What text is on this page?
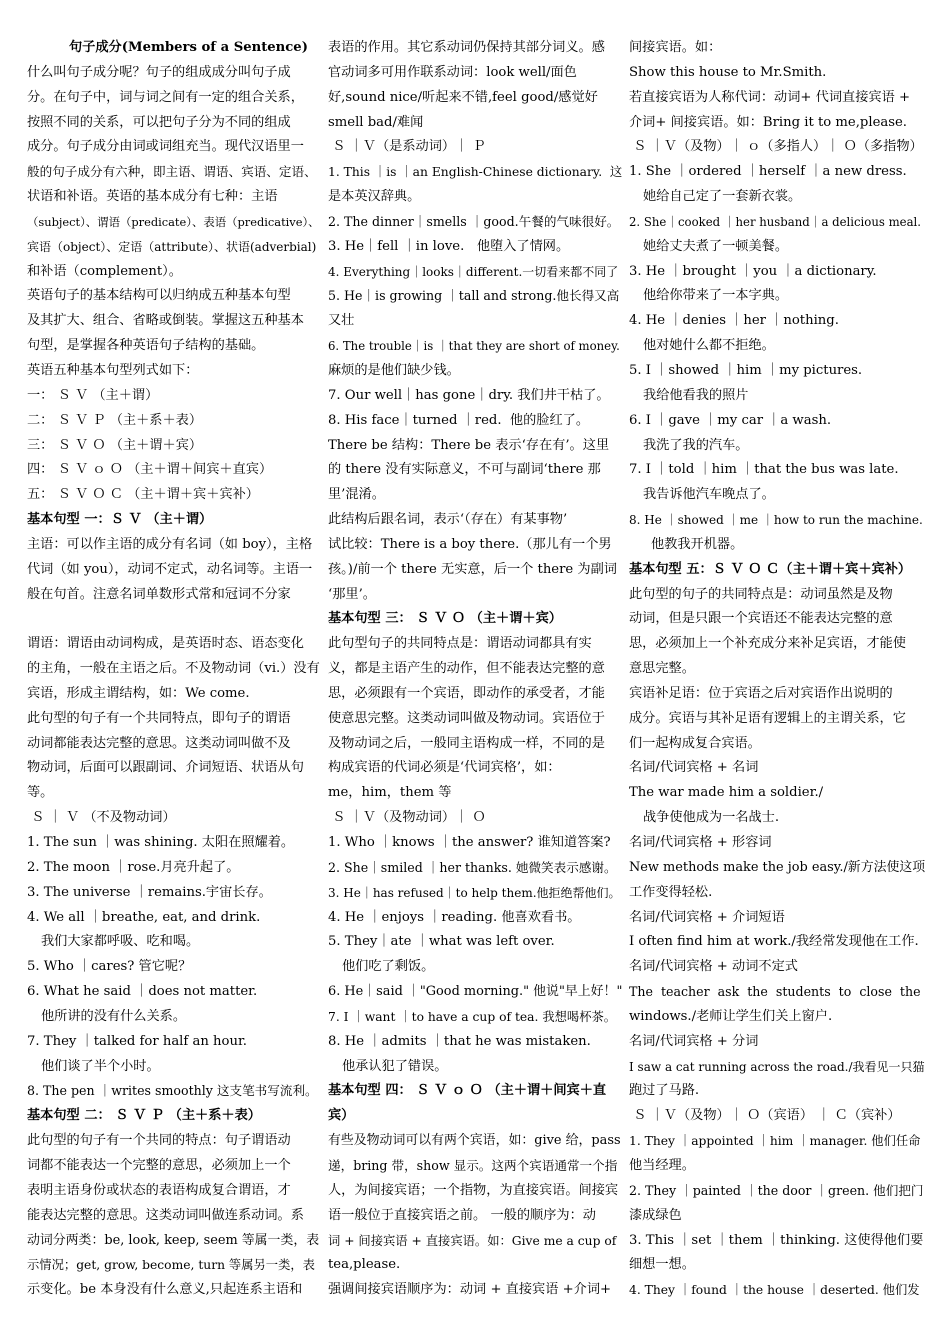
句子成分(Members of a Sentence)
什么叫句子成分呢？句子的组成成分叫句子成
分。在句子中，词与词之间有一定的组合关系，
按照不同的关系，可以把句子分为不同的组成
成分。句子成分由词或词组充当。现代汉语里一
般的句子成分有六种，即主语、谓语、宾语、定语、
状语和补语。英语的基本成分有七种：主语
（subject）、谓语（predicate）、表语（predicative）、
宾语（object）、定语（attribute）、状语(adverbial)
和补语（complement）。
英语句子的基本结构可以归纳成五种基本句型
及其扩大、组合、省略或倒装。掌握这五种基本
句型，是掌握各种英语句子结构的基础。
英语五种基本句型列式如下：
一： Ｓ Ｖ （主＋谓）
二： Ｓ Ｖ Ｐ （主＋系＋表）
三： Ｓ Ｖ Ｏ （主＋谓＋宾）
四： Ｓ Ｖ ｏ Ｏ （主＋谓＋间宾＋直宾）
五： Ｓ Ｖ Ｏ Ｃ （主＋谓＋宾＋宾补）
基本句型 一：Ｓ Ｖ （主＋谓）
主语：可以作主语的成分有名词（如 boy），主格
代词（如 you），动词不定式，动名词等。主语一
般在句首。注意名词单数形式常和冠词不分家
谓语：谓语由动词构成，是英语时态、语态变化
的主角，一般在主语之后。不及物动词（vi.）没有
宾语，形成主谓结构，如：We come.
此句型的句子有一个共同特点，即句子的谓语
动词都能表达完整的意思。这类动词叫做不及
物动词，后面可以跟副词、介词短语、状语从句
等。
Ｓ ｜ Ｖ （不及物动词）
1. The sun ｜was shining. 太阳在照耀着。
2. The moon ｜rose.月亮升起了。
3. The universe ｜remains.宇宙长存。
4. We all ｜breathe, eat, and drink.
我们大家都呼吸、吃和喝。
5. Who ｜cares? 管它呢？
6. What he said ｜does not matter.
他所讲的没有什么关系。
7. They ｜talked for half an hour.
他们谈了半个小时。
8. The pen ｜writes smoothly 这支笔书写流利。
基本句型 二： Ｓ Ｖ Ｐ （主＋系＋表）
此句型的句子有一个共同的特点：句子谓语动
词都不能表达一个完整的意思，必须加上一个
表明主语身份或状态的表语构成复合谓语，才
能表达完整的意思。这类动词叫做连系动词。系
动词分两类：be, look, keep, seem 等属一类，表
示情况；get, grow, become, turn 等属另一类，表
示变化。be 本身没有什么意义,只起连系主语和
表语的作用。其它系动词仍保持其部分词义。感
官动词多可用作联系动词：look well/面色
好,sound nice/听起来不错,feel good/感觉好
smell bad/难闻
Ｓ ｜Ｖ（是系动词）｜ Ｐ
1. This ｜is ｜an English-Chinese dictionary.  这
是本英汉辞典。
2. The dinner｜smells ｜good.午餐的气味很好。
3. He｜fell ｜in love.   他堕入了情网。
4. Everything｜looks｜different.一切看来都不同了
5. He｜is growing ｜tall and strong.他长得又高
又壮
6. The trouble｜is ｜that they are short of money.
麻烦的是他们缺少钱。
7. Our well｜has gone｜dry. 我们井干枯了。
8. His face｜turned ｜red.  他的脸红了。
There be 结构：There be 表示‘存在有’。这里
的 there 没有实际意义，不可与副词‘there 那
里’混淆。
此结构后跟名词，表示‘（存在）有某事物’
试比较：There is a boy there.（那儿有一个男
孩。)/前一个 there 无实意，后一个 there 为副词
‘那里’。
基本句型 三： Ｓ Ｖ Ｏ （主＋谓＋宾）
此句型句子的共同特点是：谓语动词都具有实
义，都是主语产生的动作，但不能表达完整的意
思，必须跟有一个宾语，即动作的承受者，才能
使意思完整。这类动词叫做及物动词。宾语位于
及物动词之后，一般同主语构成一样，不同的是
构成宾语的代词必须是‘代词宾格’，如：
me，him，them 等
Ｓ ｜Ｖ（及物动词）｜ Ｏ
1. Who ｜knows ｜the answer? 谁知道答案?
2. She｜smiled ｜her thanks. 她微笑表示感谢。
3. He｜has refused｜to help them.他拒绝帮他们。
4. He ｜enjoys ｜reading. 他喜欢看书。
5. They｜ate ｜what was left over.
他们吃了剩饭。
6. He｜said ｜"Good morning." 他说"早上好！"
7. I ｜want ｜to have a cup of tea. 我想喝杯茶。
8. He ｜admits ｜that he was mistaken.
他承认犯了错误。
基本句型 四： Ｓ Ｖ ｏ Ｏ （主＋谓＋间宾＋直
宾）
有些及物动词可以有两个宾语，如：give 给，pass
递，bring 带，show 显示。这两个宾语通常一个指
人，为间接宾语；一个指物，为直接宾语。间接宾
语一般位于直接宾语之前。 一般的顺序为：动
词 + 间接宾语 + 直接宾语。如：Give me a cup of
tea,please.
强调间接宾语顺序为：动词 + 直接宾语 +介词+
间接宾语。如：
Show this house to Mr.Smith.
若直接宾语为人称代词：动词+ 代词直接宾语 +
介词+ 间接宾语。如：Bring it to me,please.
Ｓ ｜Ｖ（及物）｜ ｏ（多指人）｜ Ｏ（多指物）
1. She ｜ordered ｜herself ｜a new dress.
她给自己定了一套新衣裳。
2. She｜cooked ｜her husband｜a delicious meal.
她给丈夫煮了一顿美餐。
3. He ｜brought ｜you ｜a dictionary.
他给你带来了一本字典。
4. He ｜denies ｜her ｜nothing.
他对她什么都不拒绝。
5. I ｜showed ｜him ｜my pictures.
我给他看我的照片
6. I ｜gave ｜my car ｜a wash.
我洗了我的汽车。
7. I ｜told ｜him ｜that the bus was late.
我告诉他汽车晚点了。
8. He ｜showed ｜me ｜how to run the machine.
他教我开机器。
基本句型 五：Ｓ Ｖ Ｏ Ｃ（主＋谓＋宾＋宾补）
此句型的句子的共同特点是：动词虽然是及物
动词，但是只跟一个宾语还不能表达完整的意
思，必须加上一个补充成分来补足宾语，才能使
意思完整。
宾语补足语：位于宾语之后对宾语作出说明的
成分。宾语与其补足语有逻辑上的主谓关系，它
们一起构成复合宾语。
名词/代词宾格 + 名词
The war made him a soldier./
战争使他成为一名战士.
名词/代词宾格 + 形容词
New methods make the job easy./新方法使这项
工作变得轻松.
名词/代词宾格 + 介词短语
I often find him at work./我经常发现他在工作.
名词/代词宾格 + 动词不定式
The  teacher  ask  the  students  to  close  the
windows./老师让学生们关上窗户.
名词/代词宾格 + 分词
I saw a cat running across the road./我看见一只猫
跑过了马路.
Ｓ ｜Ｖ（及物）｜ Ｏ（宾语） ｜ Ｃ（宾补）
1. They ｜appointed ｜him ｜manager. 他们任命
他当经理。
2. They ｜painted ｜the door ｜green. 他们把门
漆成绿色
3. This ｜set ｜them ｜thinking. 这使得他们要
细想一想。
4. They ｜found ｜the house ｜deserted. 他们发
